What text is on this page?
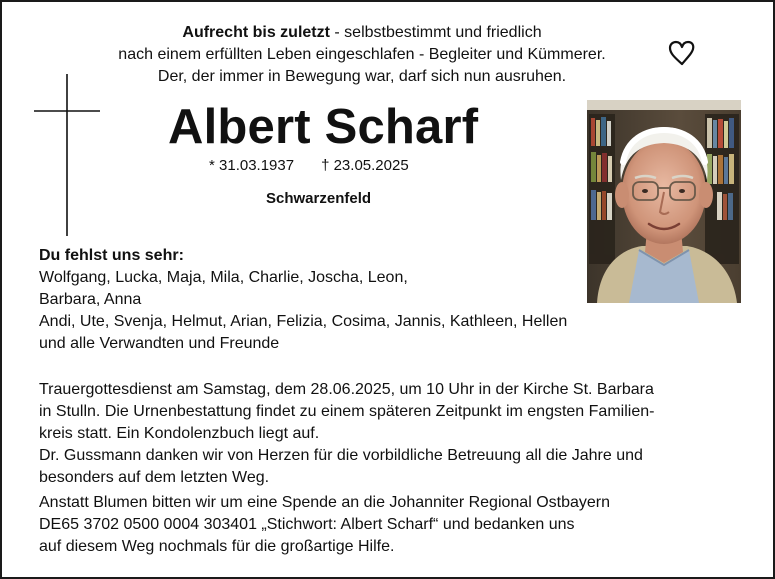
Aufrecht bis zuletzt - selbstbestimmt und friedlich
nach einem erfüllten Leben eingeschlafen - Begleiter und Kümmerer.
Der, der immer in Bewegung war, darf sich nun ausruhen.
Albert Scharf
* 31.03.1937 † 23.05.2025
Schwarzenfeld
Du fehlst uns sehr:
Wolfgang, Lucka, Maja, Mila, Charlie, Joscha, Leon,
Barbara, Anna
Andi, Ute, Svenja, Helmut, Arian, Felizia, Cosima, Jannis, Kathleen, Hellen
und alle Verwandten und Freunde
Trauergottesdienst am Samstag, dem 28.06.2025, um 10 Uhr in der Kirche St. Barbara
in Stulln. Die Urnenbestattung findet zu einem späteren Zeitpunkt im engsten Familien-
kreis statt. Ein Kondolenzbuch liegt auf.
Dr. Gussmann danken wir von Herzen für die vorbildliche Betreuung all die Jahre und
besonders auf dem letzten Weg.
Anstatt Blumen bitten wir um eine Spende an die Johanniter Regional Ostbayern
DE65 3702 0500 0004 303401 „Stichwort: Albert Scharf“ und bedanken uns
auf diesem Weg nochmals für die großartige Hilfe.
